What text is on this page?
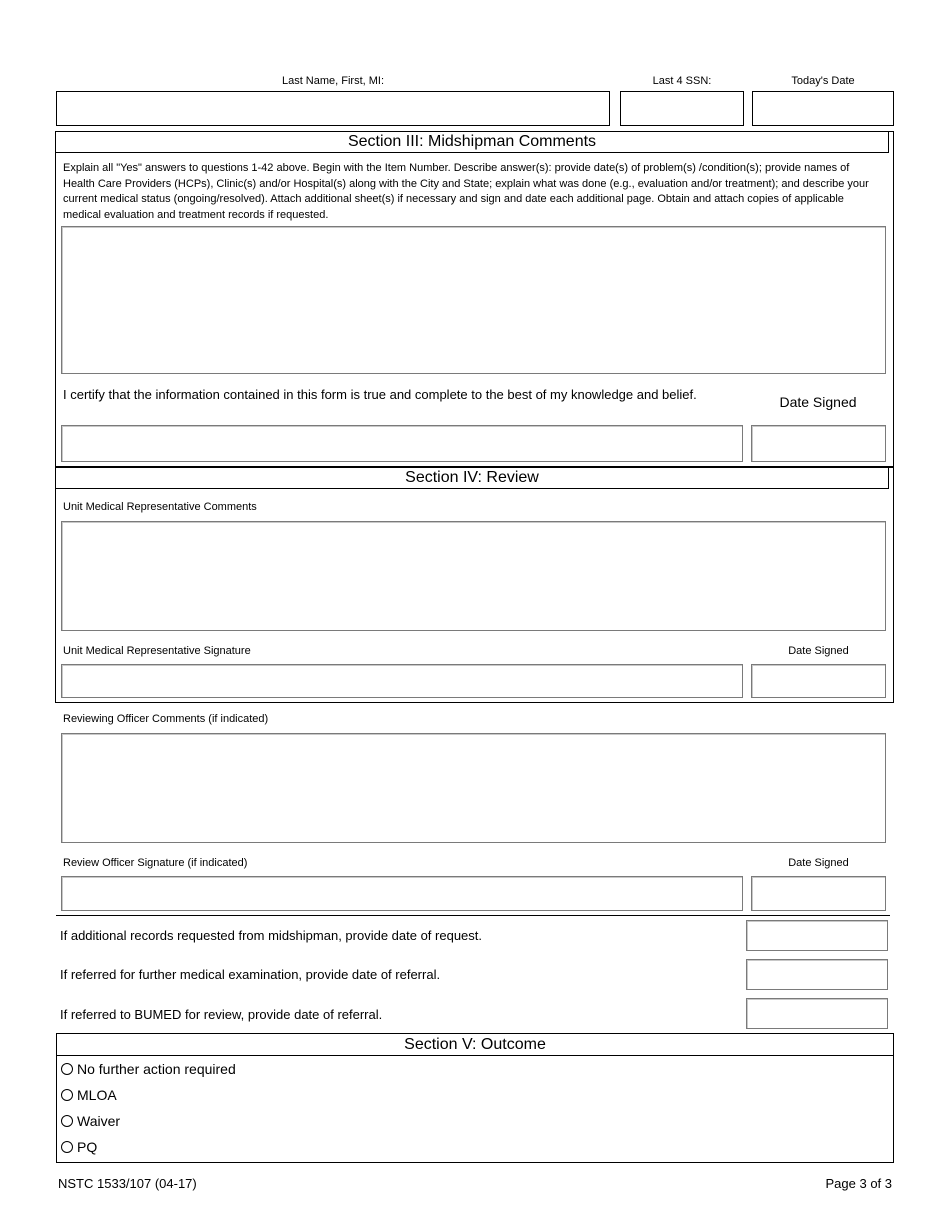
Last Name, First, MI:	Last 4 SSN:	Today's Date
Section III: Midshipman Comments
Explain all "Yes" answers to questions 1-42 above. Begin with the Item Number. Describe answer(s): provide date(s) of problem(s) /condition(s); provide names of Health Care Providers (HCPs), Clinic(s) and/or Hospital(s) along with the City and State; explain what was done (e.g., evaluation and/or treatment); and describe your current medical status (ongoing/resolved). Attach additional sheet(s) if necessary and sign and date each additional page. Obtain and attach copies of applicable medical evaluation and treatment records if requested.
I certify that the information contained in this form is true and complete to the best of my knowledge and belief.	Date Signed
Section IV: Review
Unit Medical Representative Comments
Unit Medical Representative Signature	Date Signed
Reviewing Officer Comments (if indicated)
Review Officer Signature (if indicated)	Date Signed
If additional records requested from midshipman, provide date of request.
If referred for further medical examination, provide date of referral.
If referred to BUMED for review, provide date of referral.
Section V: Outcome
No further action required
MLOA
Waiver
PQ
NSTC 1533/107 (04-17)	Page 3 of 3
